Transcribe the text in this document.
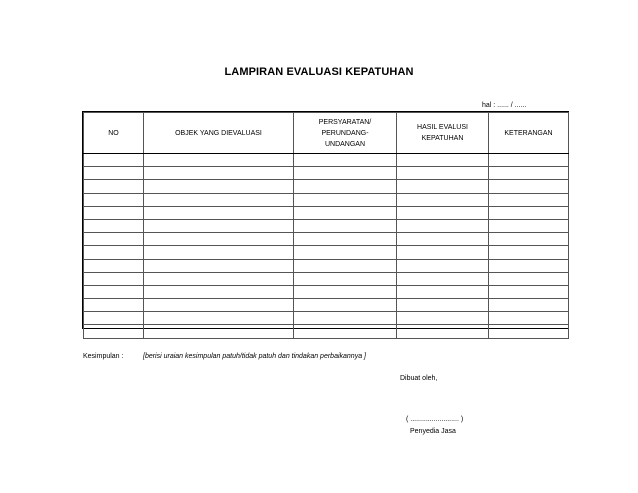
LAMPIRAN EVALUASI KEPATUHAN
hal : ...... / ......
NO	OBJEK YANG DIEVALUASI	PERSYARATAN/ PERUNDANG- UNDANGAN	HASIL EVALUSI KEPATUHAN	KETERANGAN

Kesimpulan :	[berisi uraian kesimpulan patuh/tidak patuh dan tindakan perbaikannya ]
Dibuat oleh,
( ......................... )
Penyedia Jasa
